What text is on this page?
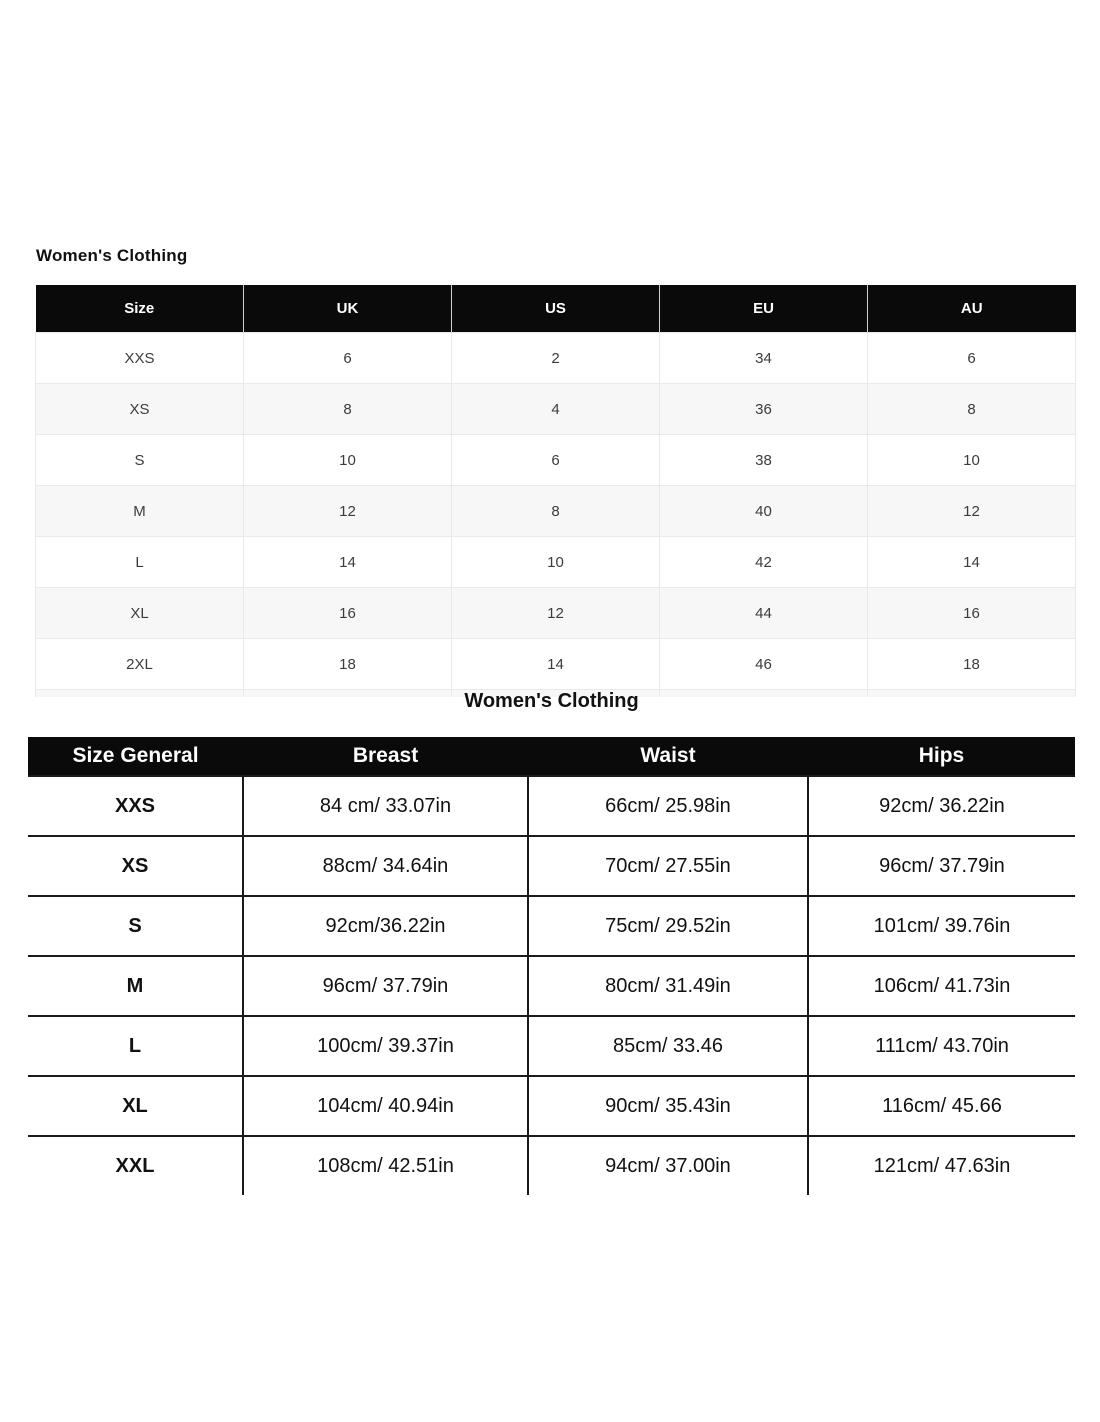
Women's Clothing
Size	UK	US	EU	AU
XXS	6	2	34	6
XS	8	4	36	8
S	10	6	38	10
M	12	8	40	12
L	14	10	42	14
XL	16	12	44	16
2XL	18	14	46	18

Women's Clothing
Size General	Breast	Waist	Hips
XXS	84 cm/ 33.07in	66cm/ 25.98in	92cm/ 36.22in
XS	88cm/ 34.64in	70cm/ 27.55in	96cm/ 37.79in
S	92cm/36.22in	75cm/ 29.52in	101cm/ 39.76in
M	96cm/ 37.79in	80cm/ 31.49in	106cm/ 41.73in
L	100cm/ 39.37in	85cm/ 33.46	111cm/ 43.70in
XL	104cm/ 40.94in	90cm/ 35.43in	116cm/ 45.66
XXL	108cm/ 42.51in	94cm/ 37.00in	121cm/ 47.63in
